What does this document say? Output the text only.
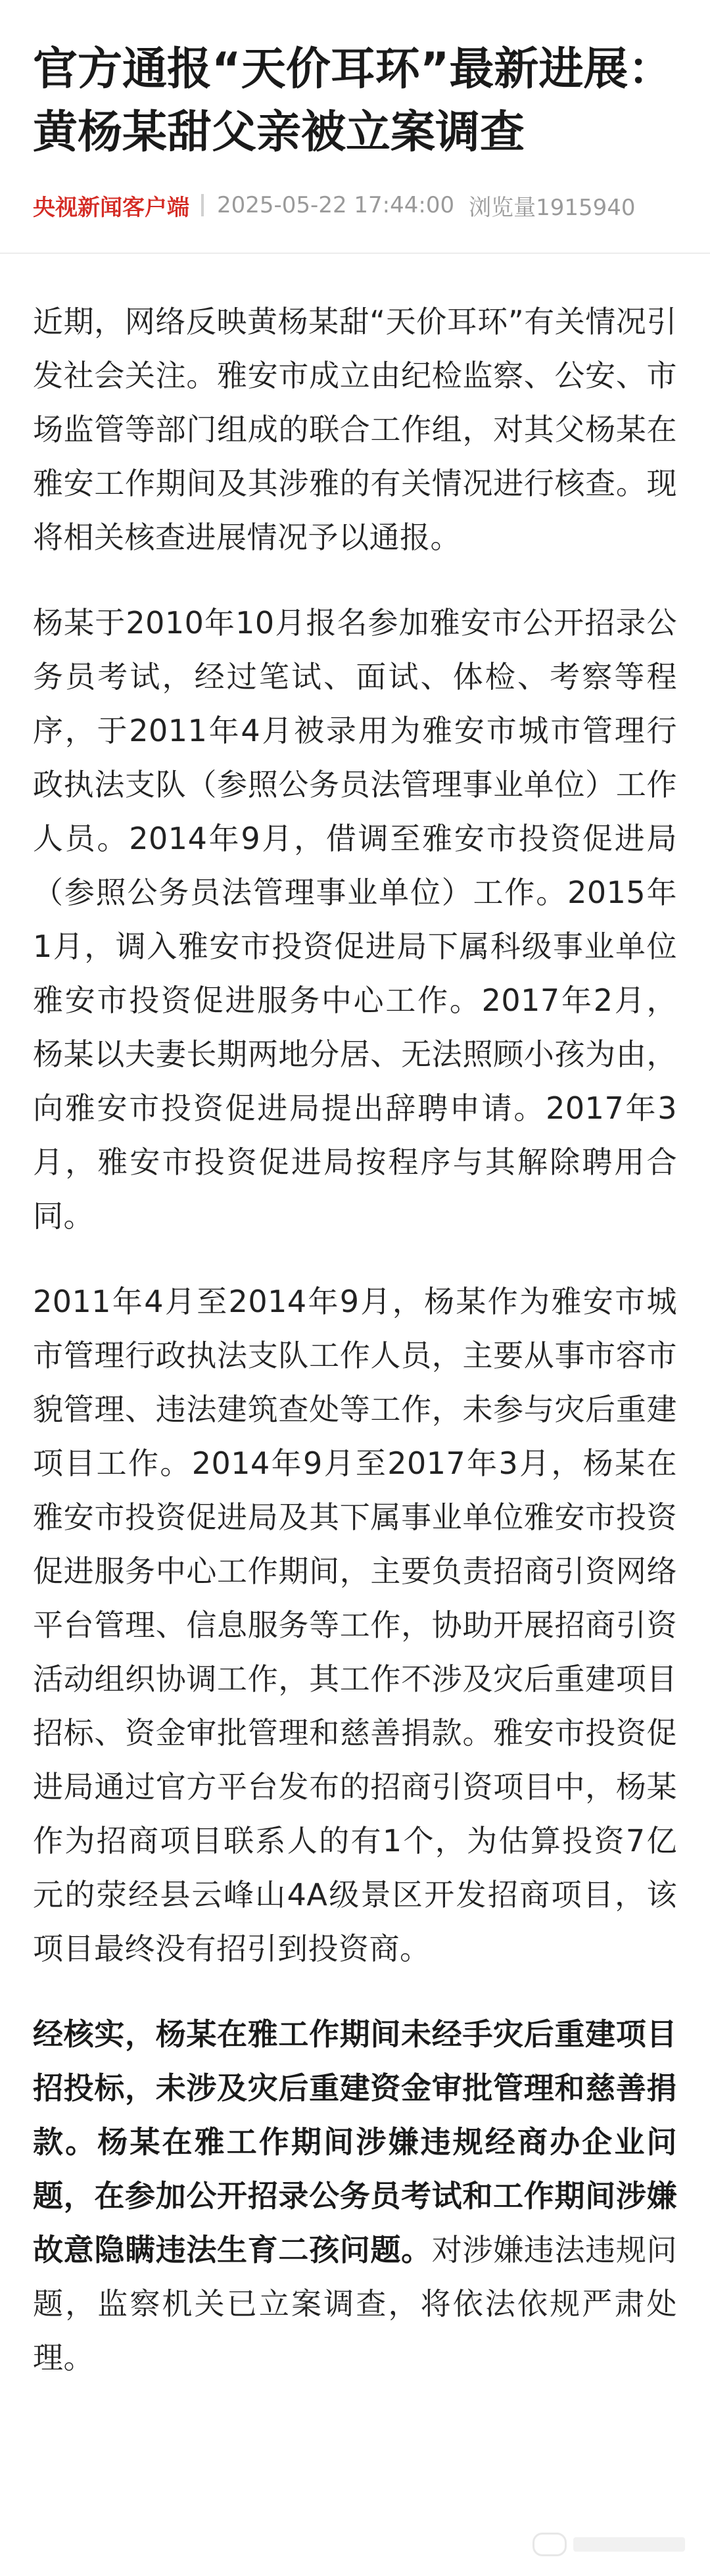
官方通报“天价耳环”最新进展：黄杨某甜父亲被立案调查
央视新闻客户端 2025-05-22 17:44:00 浏览量1915940

近期，网络反映黄杨某甜“天价耳环”有关情况引发社会关注。雅安市成立由纪检监察、公安、市场监管等部门组成的联合工作组，对其父杨某在雅安工作期间及其涉雅的有关情况进行核查。现将相关核查进展情况予以通报。

杨某于2010年10月报名参加雅安市公开招录公务员考试，经过笔试、面试、体检、考察等程序，于2011年4月被录用为雅安市城市管理行政执法支队（参照公务员法管理事业单位）工作人员。2014年9月，借调至雅安市投资促进局（参照公务员法管理事业单位）工作。2015年1月，调入雅安市投资促进局下属科级事业单位雅安市投资促进服务中心工作。2017年2月，杨某以夫妻长期两地分居、无法照顾小孩为由，向雅安市投资促进局提出辞聘申请。2017年3月，雅安市投资促进局按程序与其解除聘用合同。

2011年4月至2014年9月，杨某作为雅安市城市管理行政执法支队工作人员，主要从事市容市貌管理、违法建筑查处等工作，未参与灾后重建项目工作。2014年9月至2017年3月，杨某在雅安市投资促进局及其下属事业单位雅安市投资促进服务中心工作期间，主要负责招商引资网络平台管理、信息服务等工作，协助开展招商引资活动组织协调工作，其工作不涉及灾后重建项目招标、资金审批管理和慈善捐款。雅安市投资促进局通过官方平台发布的招商引资项目中，杨某作为招商项目联系人的有1个，为估算投资7亿元的荥经县云峰山4A级景区开发招商项目，该项目最终没有招引到投资商。

经核实，杨某在雅工作期间未经手灾后重建项目招投标，未涉及灾后重建资金审批管理和慈善捐款。杨某在雅工作期间涉嫌违规经商办企业问题，在参加公开招录公务员考试和工作期间涉嫌故意隐瞒违法生育二孩问题。对涉嫌违法违规问题，监察机关已立案调查，将依法依规严肃处理。
